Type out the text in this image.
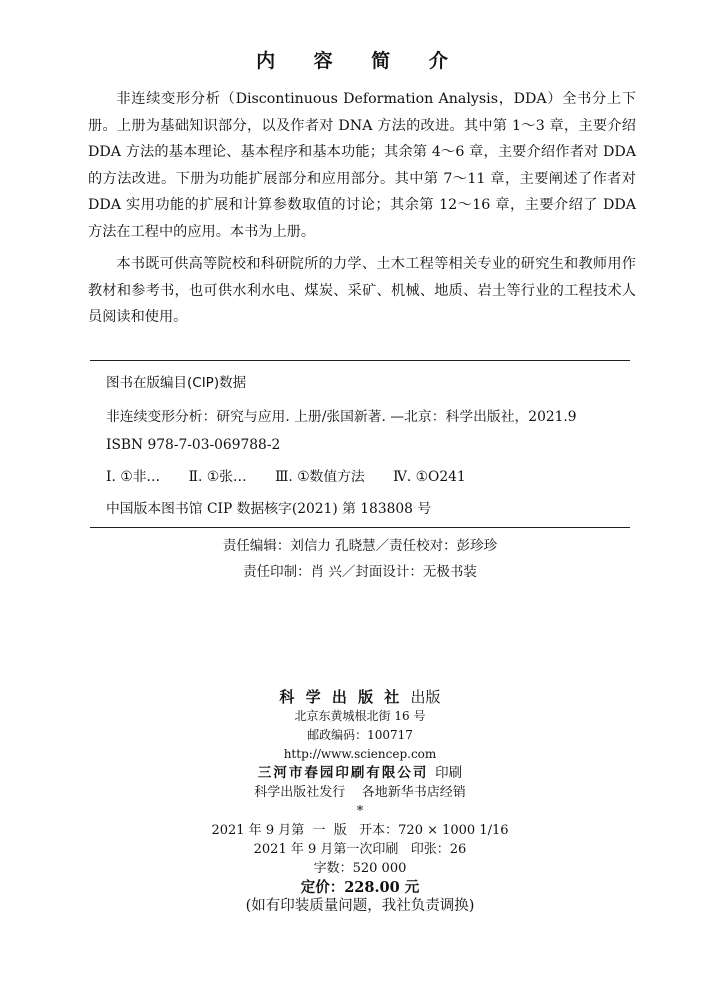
内 容 简 介

非连续变形分析（Discontinuous Deformation Analysis，DDA）全书分上下册。上册为基础知识部分，以及作者对 DNA 方法的改进。其中第 1～3 章，主要介绍 DDA 方法的基本理论、基本程序和基本功能；其余第 4～6 章，主要介绍作者对 DDA 的方法改进。下册为功能扩展部分和应用部分。其中第 7～11 章，主要阐述了作者对 DDA 实用功能的扩展和计算参数取值的讨论；其余第 12～16 章，主要介绍了 DDA 方法在工程中的应用。本书为上册。

本书既可供高等院校和科研院所的力学、土木工程等相关专业的研究生和教师用作教材和参考书，也可供水利水电、煤炭、采矿、机械、地质、岩土等行业的工程技术人员阅读和使用。

图书在版编目(CIP)数据
非连续变形分析：研究与应用. 上册/张国新著. —北京：科学出版社，2021.9
ISBN 978-7-03-069788-2
Ⅰ. ①非… Ⅱ. ①张… Ⅲ. ①数值方法 Ⅳ. ①O241
中国版本图书馆 CIP 数据核字(2021) 第 183808 号
责任编辑：刘信力 孔晓慧／责任校对：彭珍珍
责任印制：肖 兴／封面设计：无极书装
科 学 出 版 社 出版
北京东黄城根北街 16 号
邮政编码：100717
http://www.sciencep.com
三河市春园印刷有限公司 印刷
科学出版社发行    各地新华书店经销
*
2021 年 9 月第  一  版   开本：720 × 1000 1/16
2021 年 9 月第一次印刷   印张：26
字数：520 000
定价：228.00 元
(如有印装质量问题，我社负责调换)
